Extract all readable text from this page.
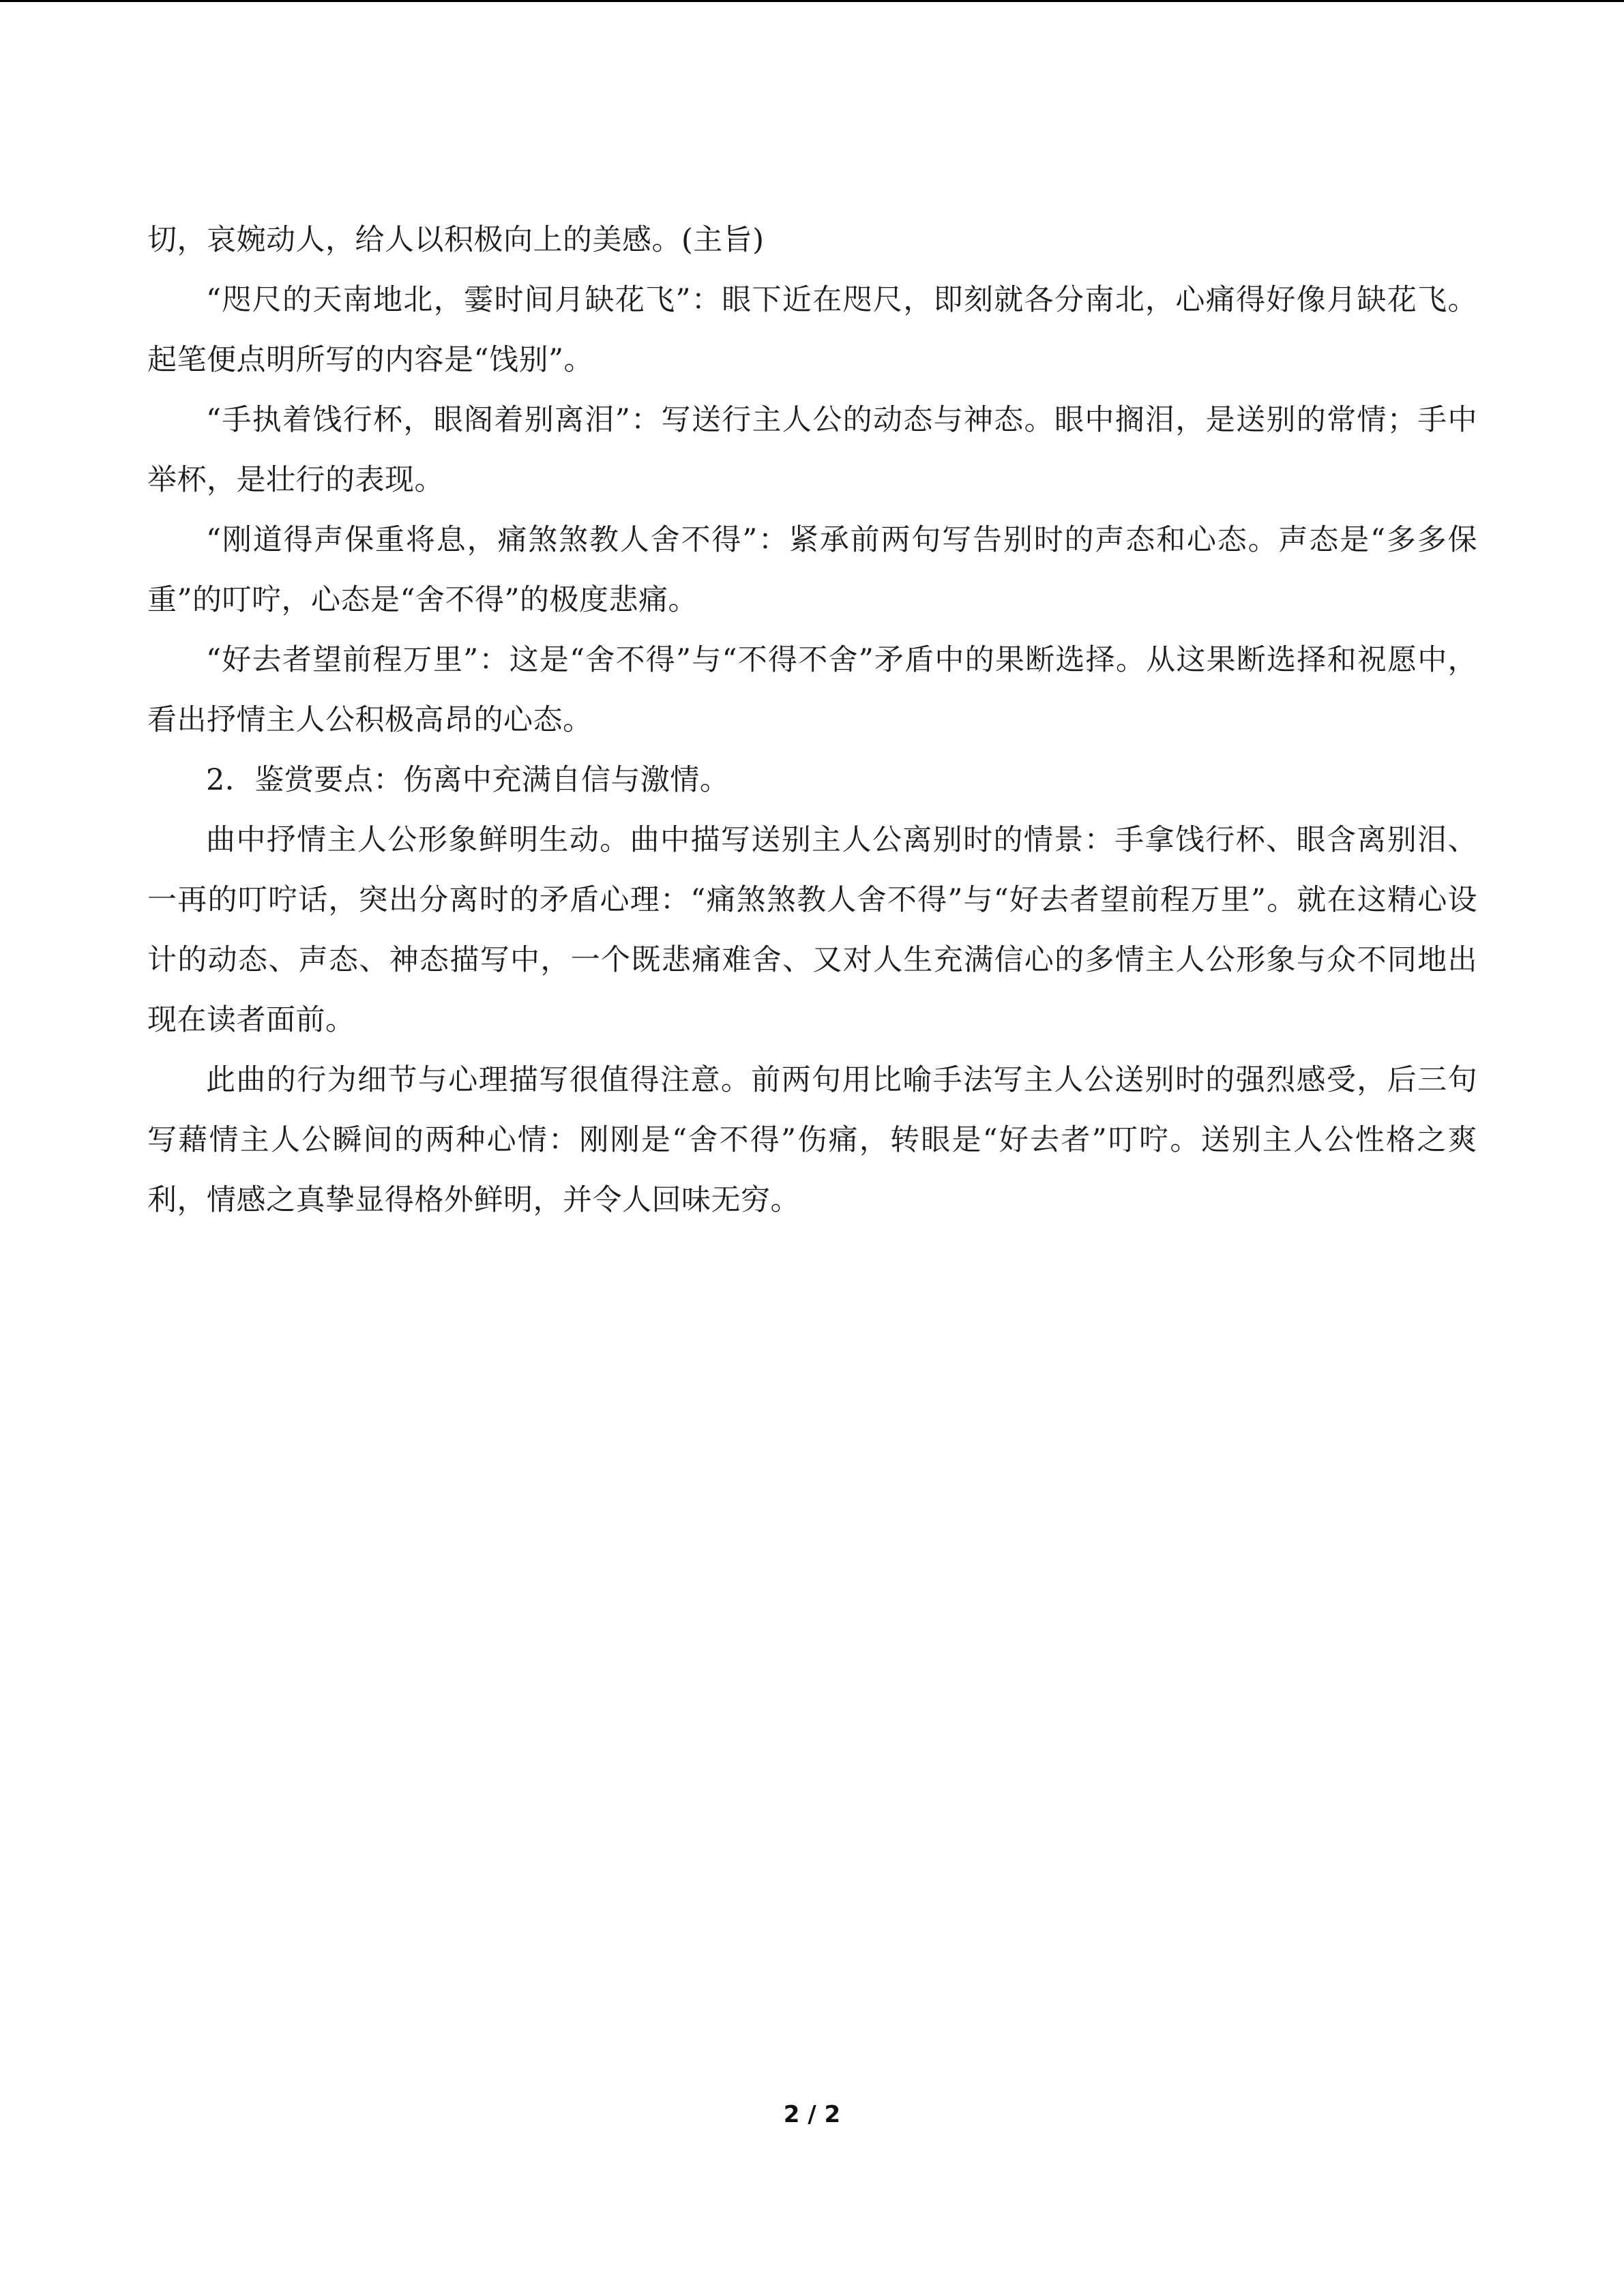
切，哀婉动人，给人以积极向上的美感。(主旨)

“咫尺的天南地北，霎时间月缺花飞”：眼下近在咫尺，即刻就各分南北，心痛得好像月缺花飞。起笔便点明所写的内容是“饯别”。

“手执着饯行杯，眼阁着别离泪”：写送行主人公的动态与神态。眼中搁泪，是送别的常情；手中举杯，是壮行的表现。

“刚道得声保重将息，痛煞煞教人舍不得”：紧承前两句写告别时的声态和心态。声态是“多多保重”的叮咛，心态是“舍不得”的极度悲痛。

“好去者望前程万里”：这是“舍不得”与“不得不舍”矛盾中的果断选择。从这果断选择和祝愿中，看出抒情主人公积极高昂的心态。

2．鉴赏要点：伤离中充满自信与激情。

曲中抒情主人公形象鲜明生动。曲中描写送别主人公离别时的情景：手拿饯行杯、眼含离别泪、一再的叮咛话，突出分离时的矛盾心理：“痛煞煞教人舍不得”与“好去者望前程万里”。就在这精心设计的动态、声态、神态描写中，一个既悲痛难舍、又对人生充满信心的多情主人公形象与众不同地出现在读者面前。

此曲的行为细节与心理描写很值得注意。前两句用比喻手法写主人公送别时的强烈感受，后三句写藉情主人公瞬间的两种心情：刚刚是“舍不得”伤痛，转眼是“好去者”叮咛。送别主人公性格之爽利，情感之真挚显得格外鲜明，并令人回味无穷。

2 / 2
